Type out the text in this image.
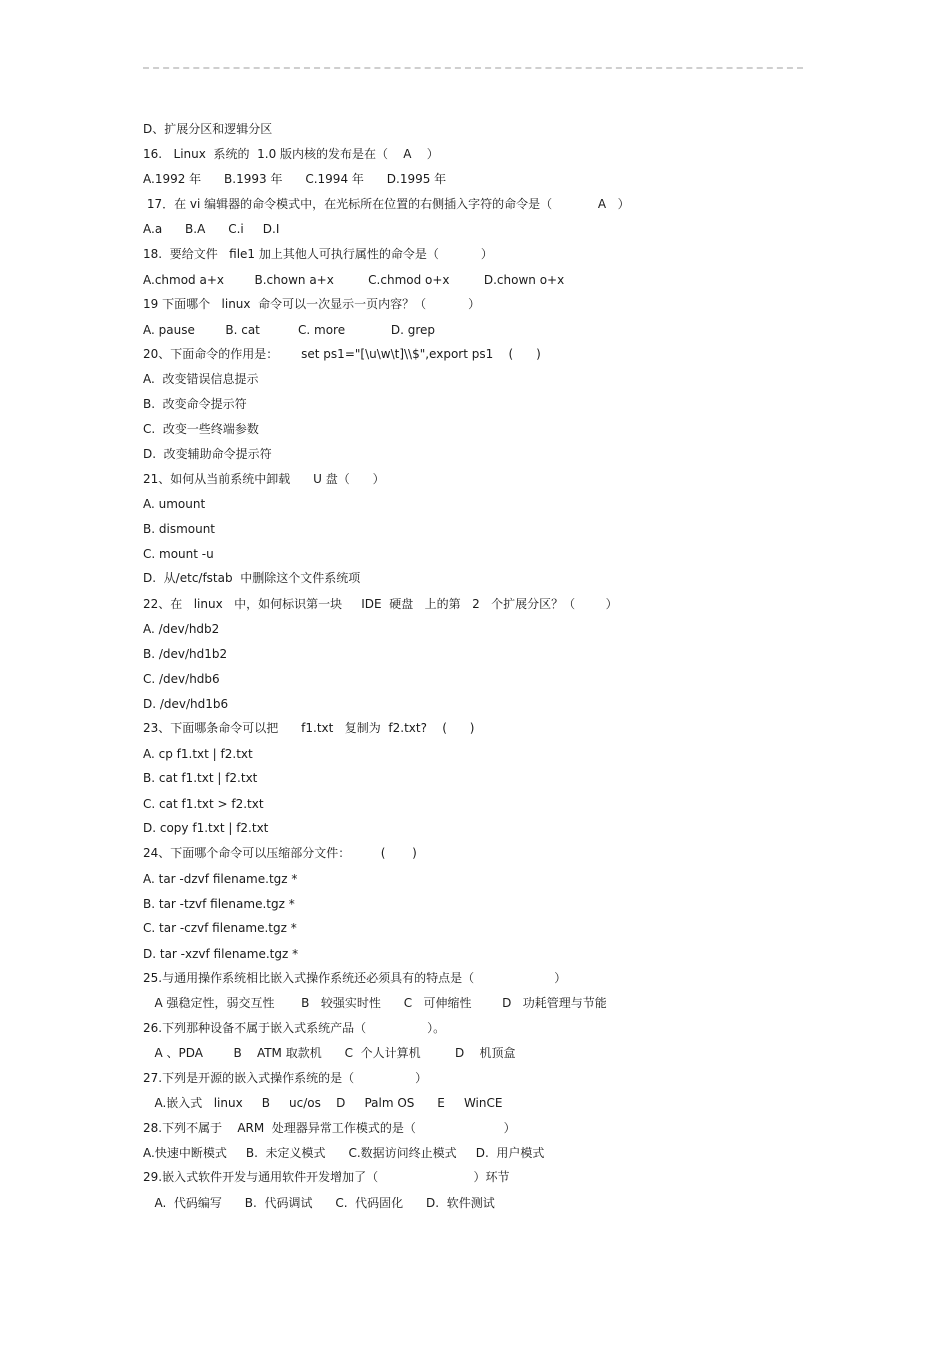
D、扩展分区和逻辑分区
16.   Linux  系统的  1.0 版内核的发布是在（    A    ）
A.1992 年      B.1993 年      C.1994 年      D.1995 年
17．在 vi 编辑器的命令模式中，在光标所在位置的右侧插入字符的命令是（            A   ）
A.a      B.A      C.i     D.I
18.  要给文件   file1 加上其他人可执行属性的命令是（           ）
A.chmod a+x        B.chown a+x         C.chmod o+x         D.chown o+x
19 下面哪个   linux  命令可以一次显示一页内容？（           ）
A. pause        B. cat          C. more            D. grep
20、下面命令的作用是：      set ps1="[\u\w\t]\\$",export ps1    (      )
A.  改变错误信息提示
B.  改变命令提示符
C.  改变一些终端参数
D.  改变辅助命令提示符
21、如何从当前系统中卸载      U 盘（      ）
A. umount
B. dismount
C. mount -u
D.  从/etc/fstab  中删除这个文件系统项
22、在   linux   中，如何标识第一块     IDE  硬盘   上的第   2   个扩展分区？（        ）
A. /dev/hdb2
B. /dev/hd1b2
C. /dev/hdb6
D. /dev/hd1b6
23、下面哪条命令可以把      f1.txt   复制为  f2.txt?    (      )
A. cp f1.txt | f2.txt
B. cat f1.txt | f2.txt
C. cat f1.txt > f2.txt
D. copy f1.txt | f2.txt
24、下面哪个命令可以压缩部分文件：        (       )
A. tar -dzvf filename.tgz *
B. tar -tzvf filename.tgz *
C. tar -czvf filename.tgz *
D. tar -xzvf filename.tgz *
25.与通用操作系统相比嵌入式操作系统还必须具有的特点是（                     ）
A 强稳定性，弱交互性       B   较强实时性      C   可伸缩性        D   功耗管理与节能
26.下列那种设备不属于嵌入式系统产品（                ）。
A 、PDA        B    ATM 取款机      C  个人计算机         D    机顶盒
27.下列是开源的嵌入式操作系统的是（                ）
A.嵌入式   linux     B     uc/os    D     Palm OS      E     WinCE
28.下列不属于    ARM  处理器异常工作模式的是（                       ）
A.快速中断模式     B.  未定义模式      C.数据访问终止模式     D.  用户模式
29.嵌入式软件开发与通用软件开发增加了（                         ）环节
A.  代码编写      B.  代码调试      C.  代码固化      D.  软件测试
